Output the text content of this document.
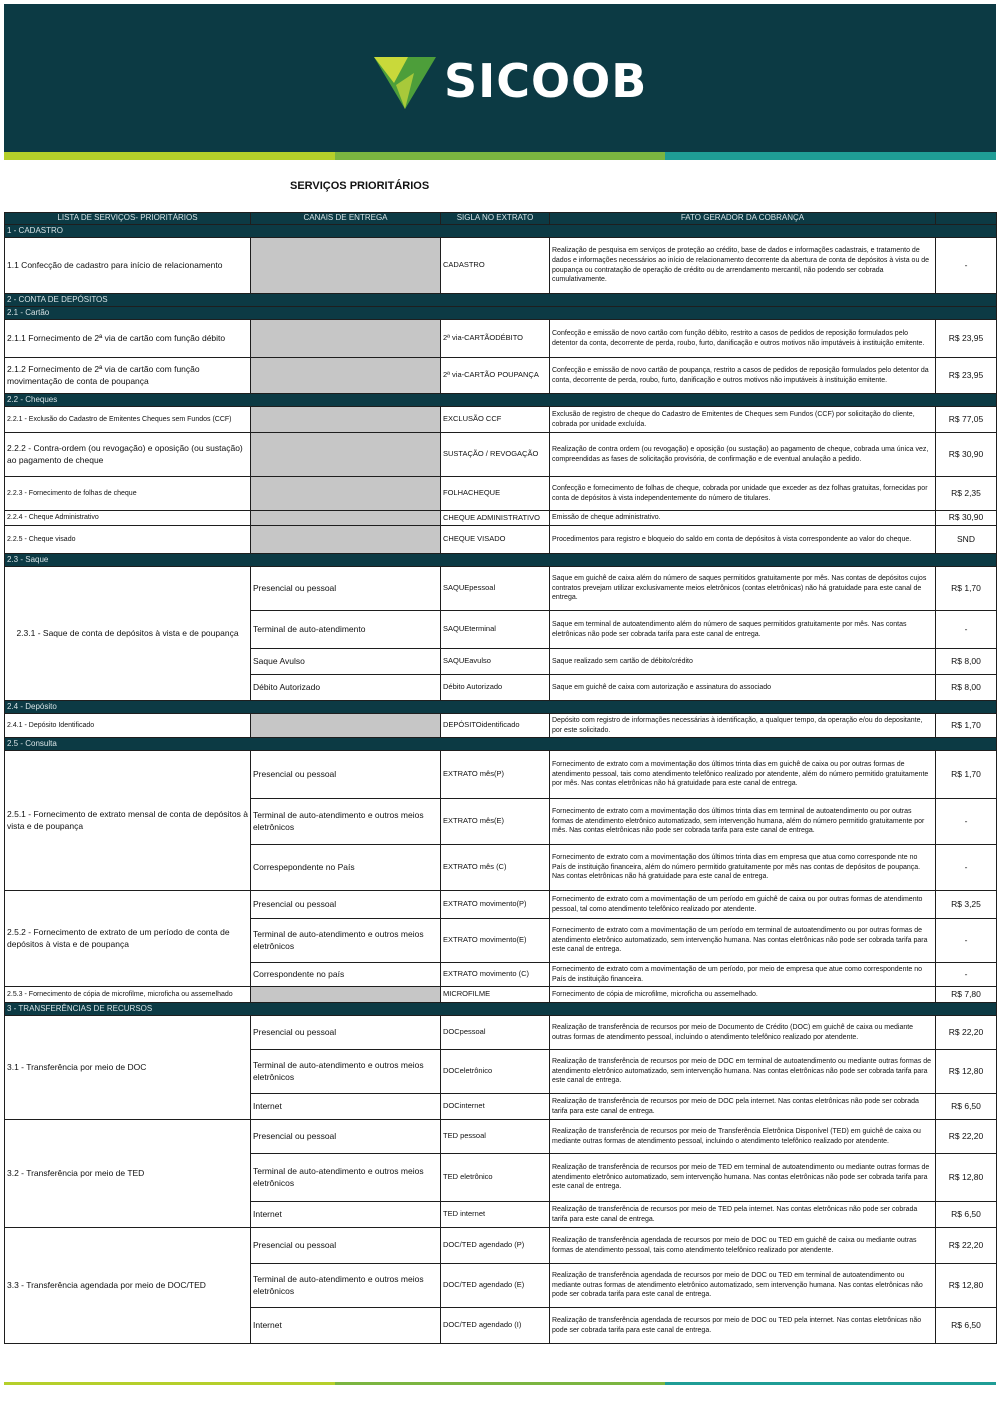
SICOOB
SERVIÇOS PRIORITÁRIOS
LISTA DE SERVIÇOS- PRIORITÁRIOS	CANAIS DE ENTREGA	SIGLA NO EXTRATO	FATO GERADOR DA COBRANÇA	
1 - CADASTRO				
1.1 Confecção de cadastro para início de relacionamento		CADASTRO	Realização de pesquisa em serviços de proteção ao crédito, base de dados e informações cadastrais, e tratamento de dados e informações necessários ao início de relacionamento decorrente da abertura de conta de depósitos à vista ou de poupança ou contratação de operação de crédito ou de arrendamento mercantil, não podendo ser cobrada cumulativamente.	-
2 - CONTA DE DEPÓSITOS				
2.1 - Cartão				
2.1.1 Fornecimento de 2ª via de cartão com função débito		2ª via-CARTÃODÉBITO	Confecção e emissão de novo cartão com função débito, restrito a casos de pedidos de reposição formulados pelo detentor da conta, decorrente de perda, roubo, furto, danificação e outros motivos não imputáveis à instituição emitente.	R$ 23,95
2.1.2 Fornecimento de 2ª via de cartão com função movimentação de conta de poupança		2ª via-CARTÃO POUPANÇA	Confecção e emissão de novo cartão de poupança, restrito a casos de pedidos de reposição formulados pelo detentor da conta, decorrente de perda, roubo, furto, danificação e outros motivos não imputáveis à instituição emitente.	R$ 23,95
2.2 - Cheques				
2.2.1 - Exclusão do Cadastro de Emitentes Cheques sem Fundos (CCF)		EXCLUSÃO CCF	Exclusão de registro de cheque do Cadastro de Emitentes de Cheques sem Fundos (CCF) por solicitação do cliente, cobrada por unidade excluída.	R$ 77,05
2.2.2 - Contra-ordem (ou revogação) e oposição (ou sustação) ao pagamento de cheque		SUSTAÇÃO / REVOGAÇÃO	Realização de contra ordem (ou revogação) e oposição (ou sustação) ao pagamento de cheque, cobrada uma única vez, compreendidas as fases de solicitação provisória, de confirmação e de eventual anulação a pedido.	R$ 30,90
2.2.3 - Fornecimento de folhas de cheque		FOLHACHEQUE	Confecção e fornecimento de folhas de cheque, cobrada por unidade que exceder as dez folhas gratuitas, fornecidas por conta de depósitos à vista independentemente do número de titulares.	R$ 2,35
2.2.4 - Cheque Administrativo		CHEQUE ADMINISTRATIVO	Emissão de cheque administrativo.	R$ 30,90
2.2.5 - Cheque visado		CHEQUE VISADO	Procedimentos para registro e bloqueio do saldo em conta de depósitos à vista correspondente ao valor do cheque.	SND
2.3 - Saque				
2.3.1 - Saque de conta de depósitos à vista e de poupança	Presencial ou pessoal	SAQUEpessoal	Saque em guichê de caixa além do número de saques permitidos gratuitamente por mês. Nas contas de depósitos cujos contratos prevejam utilizar exclusivamente meios eletrônicos (contas eletrônicas) não há gratuidade para este canal de entrega.	R$ 1,70
	Terminal de auto-atendimento	SAQUEterminal	Saque em terminal de autoatendimento além do número de saques permitidos gratuitamente por mês. Nas contas eletrônicas não pode ser cobrada tarifa para este canal de entrega.	-
	Saque Avulso	SAQUEavulso	Saque realizado sem cartão de débito/crédito	R$ 8,00
	Débito Autorizado	Débito Autorizado	Saque em guichê de caixa com autorização e assinatura do associado	R$ 8,00
2.4 - Depósito				
2.4.1 - Depósito Identificado		DEPÓSITOidentificado	Depósito com registro de informações necessárias à identificação, a qualquer tempo, da operação e/ou do depositante, por este solicitado.	R$ 1,70
2.5 - Consulta				
2.5.1 - Fornecimento de extrato mensal de conta de depósitos à vista e de poupança	Presencial ou pessoal	EXTRATO mês(P)	Fornecimento de extrato com a movimentação dos últimos trinta dias em guichê de caixa ou por outras formas de atendimento pessoal, tais como atendimento telefônico realizado por atendente, além do número permitido gratuitamente por mês. Nas contas eletrônicas não há gratuidade para este canal de entrega.	R$ 1,70
	Terminal de auto-atendimento e outros meios eletrônicos	EXTRATO mês(E)	Fornecimento de extrato com a movimentação dos últimos trinta dias em terminal de autoatendimento ou por outras formas de atendimento eletrônico automatizado, sem intervenção humana, além do número permitido gratuitamente por mês. Nas contas eletrônicas não pode ser cobrada tarifa para este canal de entrega.	-
	Correspepondente no País	EXTRATO mês (C)	Fornecimento de extrato com a movimentação dos últimos trinta dias em empresa que atua como corresponde nte no País de instituição financeira, além do número permitido gratuitamente por mês nas contas de depósitos de poupança. Nas contas eletrônicas não há gratuidade para este canal de entrega.	-
2.5.2 - Fornecimento de extrato de um período de conta de depósitos à vista e de poupança	Presencial ou pessoal	EXTRATO movimento(P)	Fornecimento de extrato com a movimentação de um período em guichê de caixa ou por outras formas de atendimento pessoal, tal como atendimento telefônico realizado por atendente.	R$ 3,25
	Terminal de auto-atendimento e outros meios eletrônicos	EXTRATO movimento(E)	Fornecimento de extrato com a movimentação de um período em terminal de autoatendimento ou por outras formas de atendimento eletrônico automatizado, sem intervenção humana. Nas contas eletrônicas não pode ser cobrada tarifa para este canal de entrega.	-
	Correspondente no país	EXTRATO movimento (C)	Fornecimento de extrato com a movimentação de um período, por meio de empresa que atue como correspondente no País de instituição financeira.	-
2.5.3 - Fornecimento de cópia de microfilme, microficha ou assemelhado		MICROFILME	Fornecimento de cópia de microfilme, microficha ou assemelhado.	R$ 7,80
3 - TRANSFERÊNCIAS DE RECURSOS				
3.1 - Transferência por meio de DOC	Presencial ou pessoal	DOCpessoal	Realização de transferência de recursos por meio de Documento de Crédito (DOC) em guichê de caixa ou mediante outras formas de atendimento pessoal, incluindo o atendimento telefônico realizado por atendente.	R$ 22,20
	Terminal de auto-atendimento e outros meios eletrônicos	DOCeletrônico	Realização de transferência de recursos por meio de DOC em terminal de autoatendimento ou mediante outras formas de atendimento eletrônico automatizado, sem intervenção humana. Nas contas eletrônicas não pode ser cobrada tarifa para este canal de entrega.	R$ 12,80
	Internet	DOCinternet	Realização de transferência de recursos por meio de DOC pela internet. Nas contas eletrônicas não pode ser cobrada tarifa para este canal de entrega.	R$ 6,50
3.2 - Transferência por meio de TED	Presencial ou pessoal	TED pessoal	Realização de transferência de recursos por meio de Transferência Eletrônica Disponível (TED) em guichê de caixa ou mediante outras formas de atendimento pessoal, incluindo o atendimento telefônico realizado por atendente.	R$ 22,20
	Terminal de auto-atendimento e outros meios eletrônicos	TED eletrônico	Realização de transferência de recursos por meio de TED em terminal de autoatendimento ou mediante outras formas de atendimento eletrônico automatizado, sem intervenção humana. Nas contas eletrônicas não pode ser cobrada tarifa para este canal de entrega.	R$ 12,80
	Internet	TED internet	Realização de transferência de recursos por meio de TED pela internet. Nas contas eletrônicas não pode ser cobrada tarifa para este canal de entrega.	R$ 6,50
3.3 - Transferência agendada por meio de DOC/TED	Presencial ou pessoal	DOC/TED agendado (P)	Realização de transferência agendada de recursos por meio de DOC ou TED em guichê de caixa ou mediante outras formas de atendimento pessoal, tais como atendimento telefônico realizado por atendente.	R$ 22,20
	Terminal de auto-atendimento e outros meios eletrônicos	DOC/TED agendado (E)	Realização de transferência agendada de recursos por meio de DOC ou TED em terminal de autoatendimento ou mediante outras formas de atendimento eletrônico automatizado, sem intervenção humana. Nas contas eletrônicas não pode ser cobrada tarifa para este canal de entrega.	R$ 12,80
	Internet	DOC/TED agendado (I)	Realização de transferência agendada de recursos por meio de DOC ou TED pela internet. Nas contas eletrônicas não pode ser cobrada tarifa para este canal de entrega.	R$ 6,50
